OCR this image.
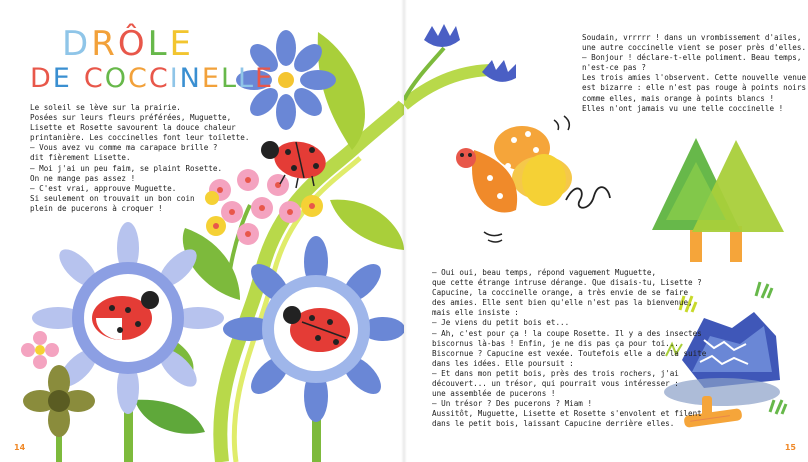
DRÔLE
DE COCCINELLE
Le soleil se lève sur la prairie.
Posées sur leurs fleurs préférées, Muguette,
Lisette et Rosette savourent la douce chaleur
printanière. Les coccinelles font leur toilette.
– Vous avez vu comme ma carapace brille ?
dit fièrement Lisette.
– Moi j'ai un peu faim, se plaint Rosette.
On ne mange pas assez !
– C'est vrai, approuve Muguette.
Si seulement on trouvait un bon coin
plein de pucerons à croquer !
14
Soudain, vrrrrr ! dans un vrombissement d'ailes,
une autre coccinelle vient se poser près d'elles.
– Bonjour ! déclare-t-elle poliment. Beau temps,
n'est-ce pas ?
Les trois amies l'observent. Cette nouvelle venue
est bizarre : elle n'est pas rouge à points noirs
comme elles, mais orange à points blancs !
Elles n'ont jamais vu une telle coccinelle !
– Oui oui, beau temps, répond vaguement Muguette,
que cette étrange intruse dérange. Que disais-tu, Lisette ?
Capucine, la coccinelle orange, a très envie de se faire
des amies. Elle sent bien qu'elle n'est pas la bienvenue,
mais elle insiste :
– Je viens du petit bois et...
– Ah, c'est pour ça ! la coupe Rosette. Il y a des insectes
biscornus là-bas ! Enfin, je ne dis pas ça pour toi...
Biscornue ? Capucine est vexée. Toutefois elle a de la suite
dans les idées. Elle poursuit :
– Et dans mon petit bois, près des trois rochers, j'ai
découvert... un trésor, qui pourrait vous intéresser :
une assemblée de pucerons !
– Un trésor ? Des pucerons ? Miam !
Aussitôt, Muguette, Lisette et Rosette s'envolent et filent
dans le petit bois, laissant Capucine derrière elles.
15
